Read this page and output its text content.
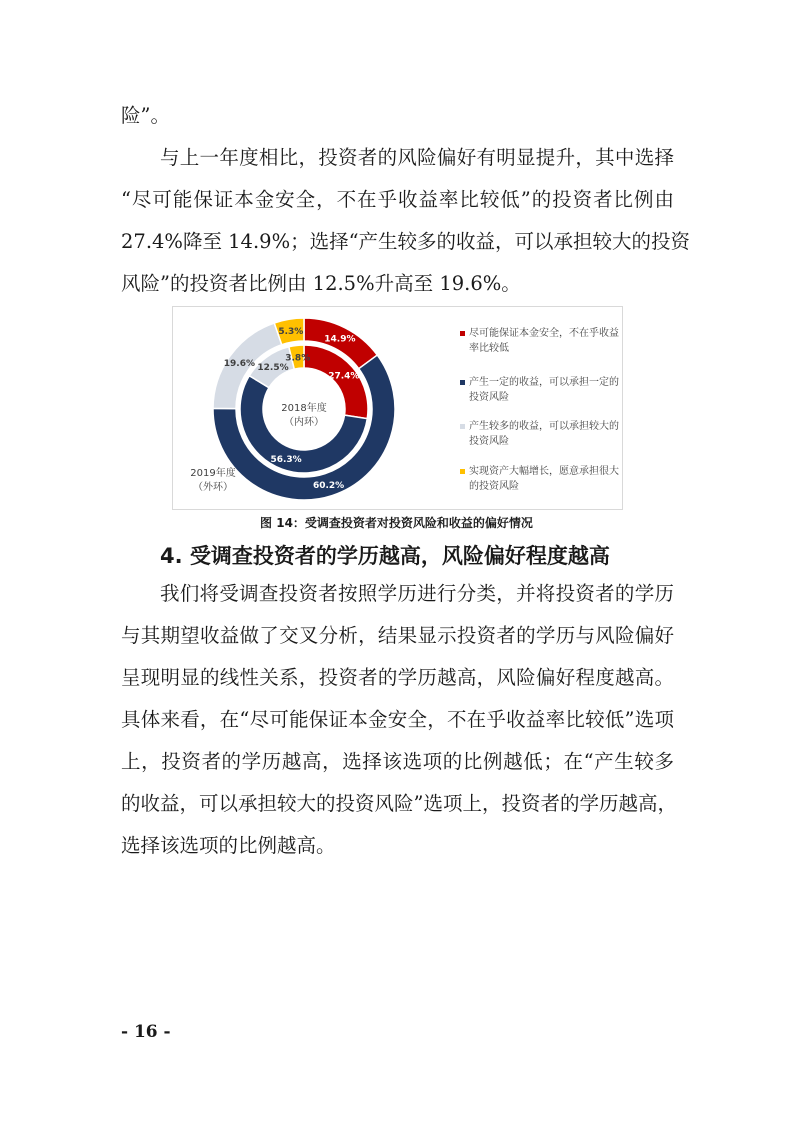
险”。
与上一年度相比，投资者的风险偏好有明显提升，其中选择
“尽可能保证本金安全，不在乎收益率比较低”的投资者比例由
27.4%降至 14.9%；选择“产生较多的收益，可以承担较大的投资
风险”的投资者比例由 12.5%升高至 19.6%。
14.9%
60.2%
19.6%
5.3%
27.4%
56.3%
12.5%
3.8%
2018年度
（内环）
2019年度
（外环）
尽可能保证本金安全，不在乎收益率比较低
产生一定的收益，可以承担一定的投资风险
产生较多的收益，可以承担较大的投资风险
实现资产大幅增长，愿意承担很大的投资风险
图 14：受调查投资者对投资风险和收益的偏好情况
4. 受调查投资者的学历越高，风险偏好程度越高
我们将受调查投资者按照学历进行分类，并将投资者的学历
与其期望收益做了交叉分析，结果显示投资者的学历与风险偏好
呈现明显的线性关系，投资者的学历越高，风险偏好程度越高。
具体来看，在“尽可能保证本金安全，不在乎收益率比较低”选项
上，投资者的学历越高，选择该选项的比例越低；在“产生较多
的收益，可以承担较大的投资风险”选项上，投资者的学历越高，
选择该选项的比例越高。
- 16 -
